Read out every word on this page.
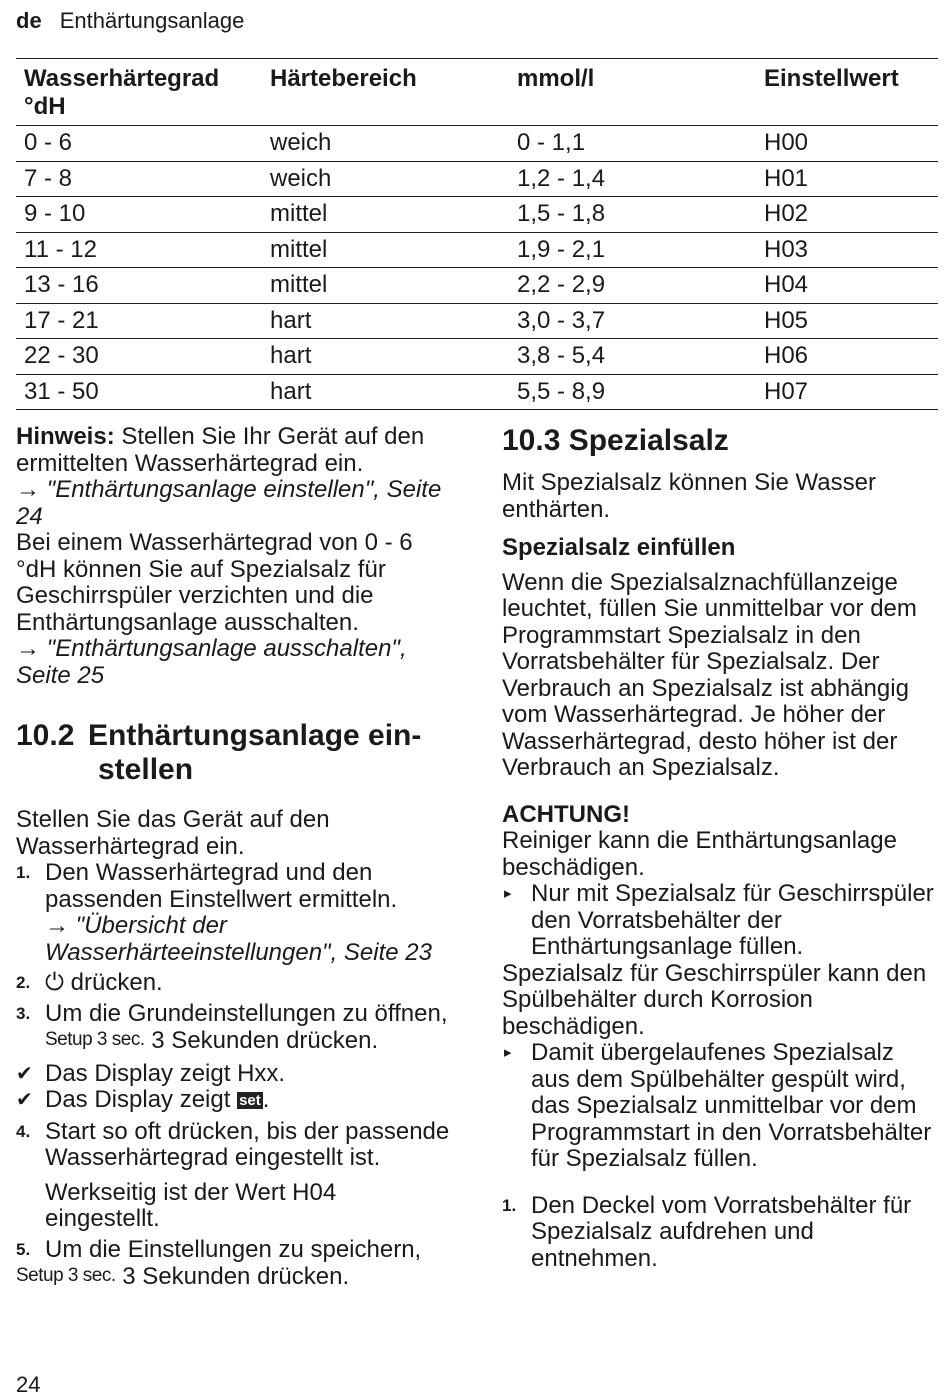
de Enthärtungsanlage
Wasserhärtegrad °dH	Härtebereich	mmol/l	Einstellwert
0 - 6	weich	0 - 1,1	H00
7 - 8	weich	1,2 - 1,4	H01
9 - 10	mittel	1,5 - 1,8	H02
11 - 12	mittel	1,9 - 2,1	H03
13 - 16	mittel	2,2 - 2,9	H04
17 - 21	hart	3,0 - 3,7	H05
22 - 30	hart	3,8 - 5,4	H06
31 - 50	hart	5,5 - 8,9	H07

Hinweis: Stellen Sie Ihr Gerät auf den ermittelten Wasserhärtegrad ein.

→ "Enthärtungsanlage einstellen", Seite 24

Bei einem Wasserhärtegrad von 0 - 6 °dH können Sie auf Spezialsalz für Geschirrspüler verzichten und die Enthärtungsanlage ausschalten.

→ "Enthärtungsanlage ausschalten", Seite 25

10.2 Enthärtungsanlage ein-

stellen

Stellen Sie das Gerät auf den Wasserhärtegrad ein.

1. Den Wasserhärtegrad und den passenden Einstellwert ermitteln.

→ "Übersicht der Wasserhärteeinstellungen", Seite 23

2. ⏻ drücken.

3. Um die Grundeinstellungen zu öffnen, Setup 3 sec. 3 Sekunden drücken.

✔ Das Display zeigt Hxx.

✔ Das Display zeigt set.

4. Start so oft drücken, bis der passende Wasserhärtegrad eingestellt ist.

Werkseitig ist der Wert H04 eingestellt.

5. Um die Einstellungen zu speichern,

Setup 3 sec. 3 Sekunden drücken.

10.3 Spezialsalz

Mit Spezialsalz können Sie Wasser enthärten.

Spezialsalz einfüllen

Wenn die Spezialsalznachfüllanzeige leuchtet, füllen Sie unmittelbar vor dem Programmstart Spezialsalz in den Vorratsbehälter für Spezialsalz. Der Verbrauch an Spezialsalz ist abhängig vom Wasserhärtegrad. Je höher der Wasserhärtegrad, desto höher ist der Verbrauch an Spezialsalz.

ACHTUNG!

Reiniger kann die Enthärtungsanlage beschädigen.

▸ Nur mit Spezialsalz für Geschirrspüler den Vorratsbehälter der Enthärtungsanlage füllen.

Spezialsalz für Geschirrspüler kann den Spülbehälter durch Korrosion beschädigen.

▸ Damit übergelaufenes Spezialsalz aus dem Spülbehälter gespült wird, das Spezialsalz unmittelbar vor dem Programmstart in den Vorratsbehälter für Spezialsalz füllen.

1. Den Deckel vom Vorratsbehälter für Spezialsalz aufdrehen und entnehmen.

24
